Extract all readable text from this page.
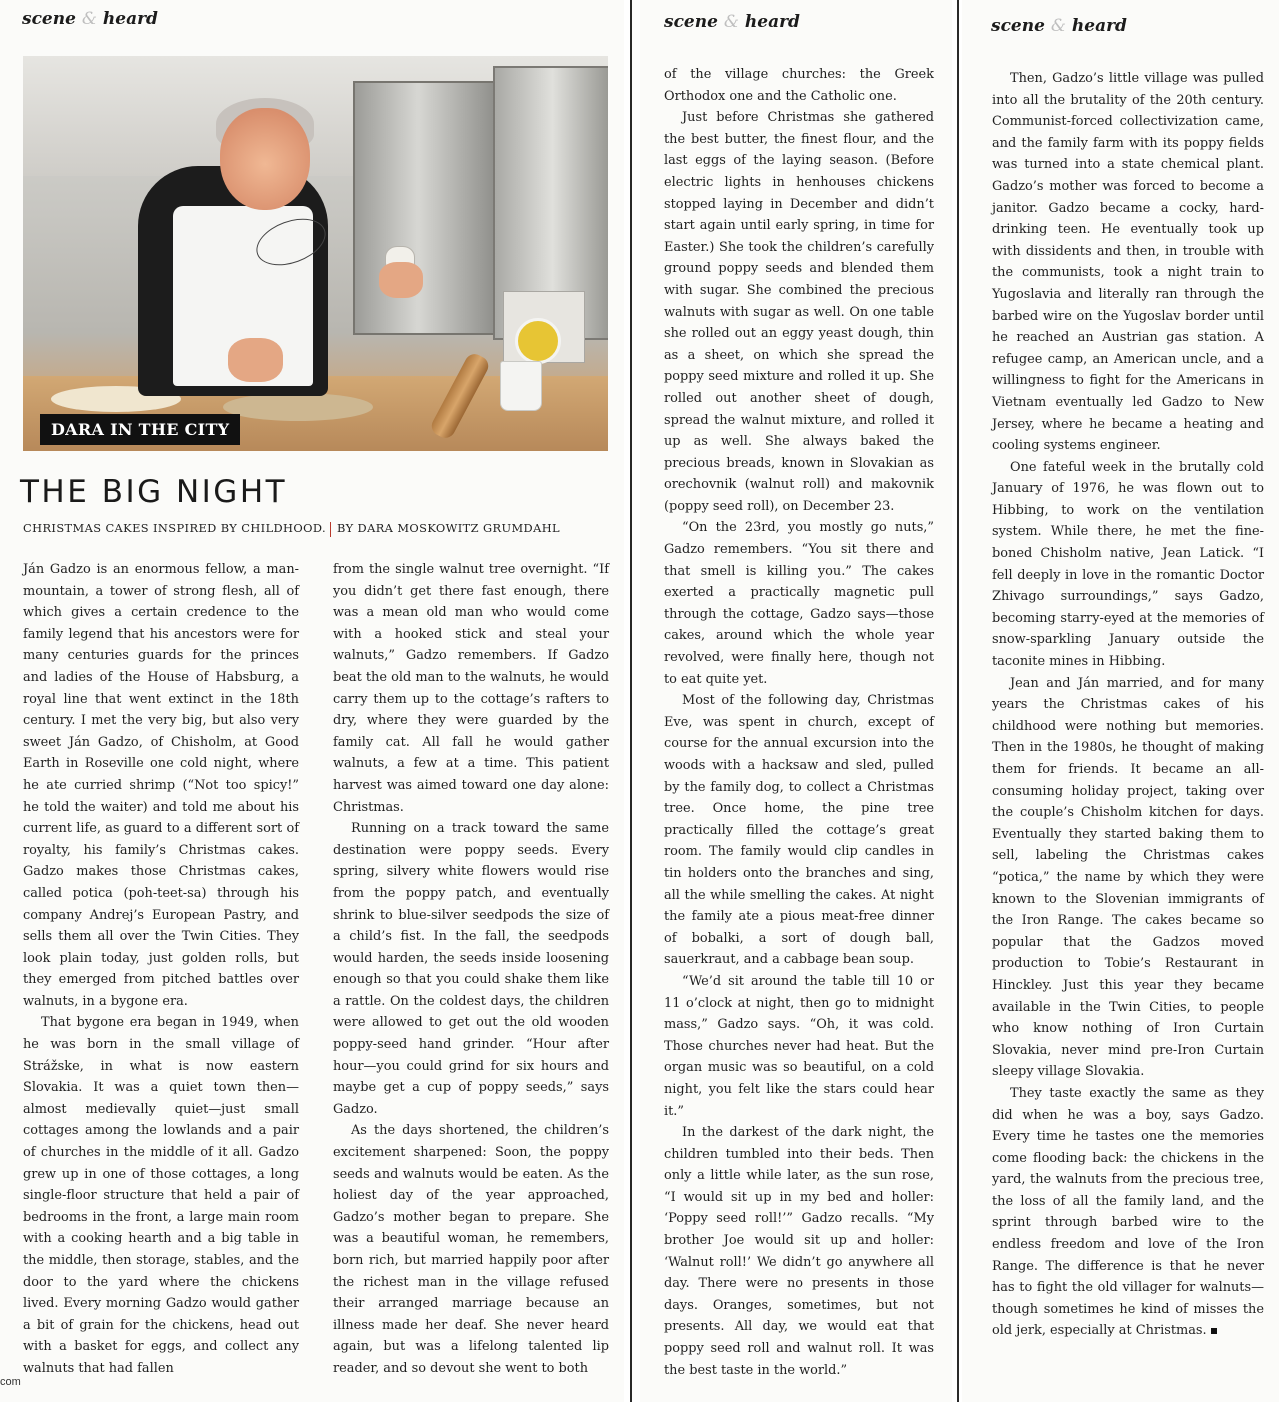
scene & heard	scene & heard	scene & heard
DARA IN THE CITY
THE BIG NIGHT
CHRISTMAS CAKES INSPIRED BY CHILDHOOD. BY DARA MOSKOWITZ GRUMDAHL

Ján Gadzo is an enormous fellow, a man-mountain, a tower of strong flesh, all of which gives a certain credence to the family legend that his ancestors were for many centuries guards for the princes and ladies of the House of Habsburg, a royal line that went extinct in the 18th century. I met the very big, but also very sweet Ján Gadzo, of Chisholm, at Good Earth in Roseville one cold night, where he ate curried shrimp (“Not too spicy!” he told the waiter) and told me about his current life, as guard to a different sort of royalty, his family’s Christmas cakes. Gadzo makes those Christmas cakes, called potica (poh-teet-sa) through his company Andrej’s European Pastry, and sells them all over the Twin Cities. They look plain today, just golden rolls, but they emerged from pitched battles over walnuts, in a bygone era.

That bygone era began in 1949, when he was born in the small village of Strážske, in what is now eastern Slovakia. It was a quiet town then—almost medievally quiet—just small cottages among the lowlands and a pair of churches in the middle of it all. Gadzo grew up in one of those cottages, a long single-floor structure that held a pair of bedrooms in the front, a large main room with a cooking hearth and a big table in the middle, then storage, stables, and the door to the yard where the chickens lived. Every morning Gadzo would gather a bit of grain for the chickens, head out with a basket for eggs, and collect any walnuts that had fallen

from the single walnut tree overnight. “If you didn’t get there fast enough, there was a mean old man who would come with a hooked stick and steal your walnuts,” Gadzo remembers. If Gadzo beat the old man to the walnuts, he would carry them up to the cottage’s rafters to dry, where they were guarded by the family cat. All fall he would gather walnuts, a few at a time. This patient harvest was aimed toward one day alone: Christmas.

Running on a track toward the same destination were poppy seeds. Every spring, silvery white flowers would rise from the poppy patch, and eventually shrink to blue-silver seedpods the size of a child’s fist. In the fall, the seedpods would harden, the seeds inside loosening enough so that you could shake them like a rattle. On the coldest days, the children were allowed to get out the old wooden poppy-seed hand grinder. “Hour after hour—you could grind for six hours and maybe get a cup of poppy seeds,” says Gadzo.

As the days shortened, the children’s excitement sharpened: Soon, the poppy seeds and walnuts would be eaten. As the holiest day of the year approached, Gadzo’s mother began to prepare. She was a beautiful woman, he remembers, born rich, but married happily poor after the richest man in the village refused their arranged marriage because an illness made her deaf. She never heard again, but was a lifelong talented lip reader, and so devout she went to both

of the village churches: the Greek Orthodox one and the Catholic one.

Just before Christmas she gathered the best butter, the finest flour, and the last eggs of the laying season. (Before electric lights in henhouses chickens stopped laying in December and didn’t start again until early spring, in time for Easter.) She took the children’s carefully ground poppy seeds and blended them with sugar. She combined the precious walnuts with sugar as well. On one table she rolled out an eggy yeast dough, thin as a sheet, on which she spread the poppy seed mixture and rolled it up. She rolled out another sheet of dough, spread the walnut mixture, and rolled it up as well. She always baked the precious breads, known in Slovakian as orechovnik (walnut roll) and makovnik (poppy seed roll), on December 23.

“On the 23rd, you mostly go nuts,” Gadzo remembers. “You sit there and that smell is killing you.” The cakes exerted a practically magnetic pull through the cottage, Gadzo says—those cakes, around which the whole year revolved, were finally here, though not to eat quite yet.

Most of the following day, Christmas Eve, was spent in church, except of course for the annual excursion into the woods with a hacksaw and sled, pulled by the family dog, to collect a Christmas tree. Once home, the pine tree practically filled the cottage’s great room. The family would clip candles in tin holders onto the branches and sing, all the while smelling the cakes. At night the family ate a pious meat-free dinner of bobalki, a sort of dough ball, sauerkraut, and a cabbage bean soup.

“We’d sit around the table till 10 or 11 o’clock at night, then go to midnight mass,” Gadzo says. “Oh, it was cold. Those churches never had heat. But the organ music was so beautiful, on a cold night, you felt like the stars could hear it.”

In the darkest of the dark night, the children tumbled into their beds. Then only a little while later, as the sun rose, “I would sit up in my bed and holler: ‘Poppy seed roll!’” Gadzo recalls. “My brother Joe would sit up and holler: ‘Walnut roll!’ We didn’t go anywhere all day. There were no presents in those days. Oranges, sometimes, but not presents. All day, we would eat that poppy seed roll and walnut roll. It was the best taste in the world.”

Then, Gadzo’s little village was pulled into all the brutality of the 20th century. Communist-forced collectivization came, and the family farm with its poppy fields was turned into a state chemical plant. Gadzo’s mother was forced to become a janitor. Gadzo became a cocky, hard-drinking teen. He eventually took up with dissidents and then, in trouble with the communists, took a night train to Yugoslavia and literally ran through the barbed wire on the Yugoslav border until he reached an Austrian gas station. A refugee camp, an American uncle, and a willingness to fight for the Americans in Vietnam eventually led Gadzo to New Jersey, where he became a heating and cooling systems engineer.

One fateful week in the brutally cold January of 1976, he was flown out to Hibbing, to work on the ventilation system. While there, he met the fine-boned Chisholm native, Jean Latick. “I fell deeply in love in the romantic Doctor Zhivago surroundings,” says Gadzo, becoming starry-eyed at the memories of snow-sparkling January outside the taconite mines in Hibbing.

Jean and Ján married, and for many years the Christmas cakes of his childhood were nothing but memories. Then in the 1980s, he thought of making them for friends. It became an all-consuming holiday project, taking over the couple’s Chisholm kitchen for days. Eventually they started baking them to sell, labeling the Christmas cakes “potica,” the name by which they were known to the Slovenian immigrants of the Iron Range. The cakes became so popular that the Gadzos moved production to Tobie’s Restaurant in Hinckley. Just this year they became available in the Twin Cities, to people who know nothing of Iron Curtain Slovakia, never mind pre-Iron Curtain sleepy village Slovakia.

They taste exactly the same as they did when he was a boy, says Gadzo. Every time he tastes one the memories come flooding back: the chickens in the yard, the walnuts from the precious tree, the loss of all the family land, and the sprint through barbed wire to the endless freedom and love of the Iron Range. The difference is that he never has to fight the old villager for walnuts—though sometimes he kind of misses the old jerk, especially at Christmas.

com
